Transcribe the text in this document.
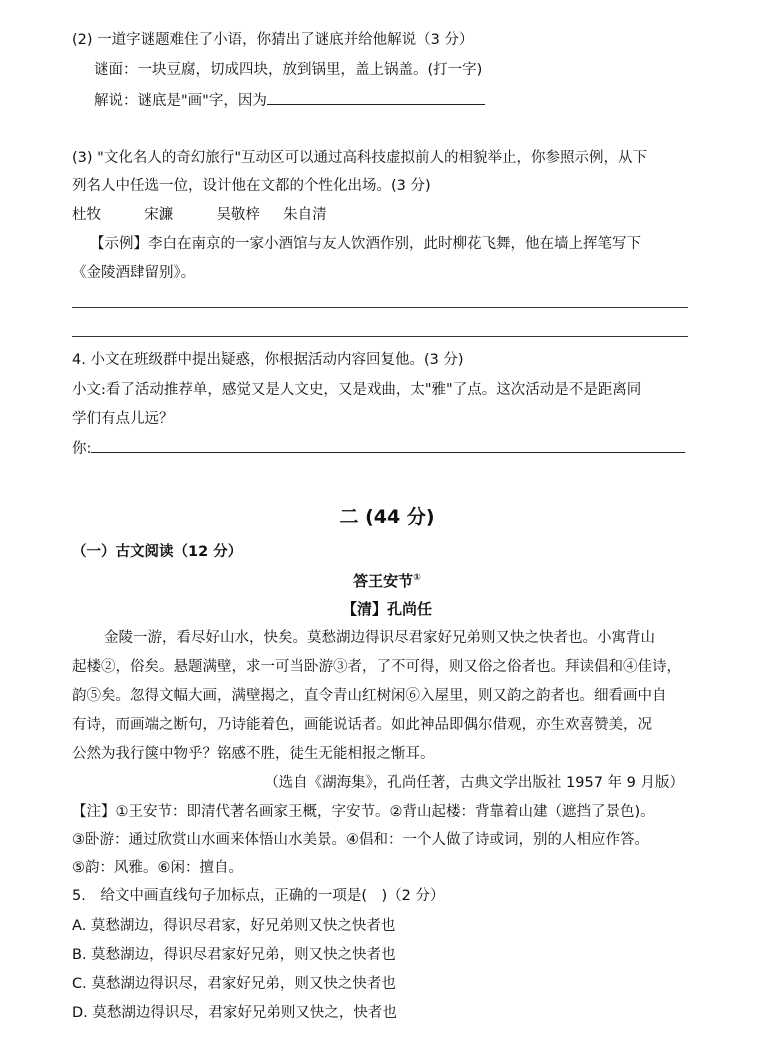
(2) 一道字谜题难住了小语，你猜出了谜底并给他解说（3 分）
谜面：一块豆腐，切成四块，放到锅里，盖上锅盖。(打一字)
解说：谜底是"画"字，因为
(3) "文化名人的奇幻旅行"互动区可以通过高科技虚拟前人的相貌举止，你参照示例，从下
列名人中任选一位，设计他在文都的个性化出场。(3 分)
杜牧	宋濂	吴敬梓 朱自清
【示例】李白在南京的一家小酒馆与友人饮酒作别，此时柳花飞舞，他在墙上挥笔写下
《金陵酒肆留别》。
4. 小文在班级群中提出疑惑，你根据活动内容回复他。(3 分)
小文:看了活动推荐单，感觉又是人文史，又是戏曲，太"雅"了点。这次活动是不是距离同
学们有点儿远？
你:
二 (44 分)
（一）古文阅读（12 分）
答王安节①
【清】孔尚任
金陵一游，看尽好山水，快矣。莫愁湖边得识尽君家好兄弟则又快之快者也。小寓背山
起楼②，俗矣。悬题满壁，求一可当卧游③者，了不可得，则又俗之俗者也。拜读倡和④佳诗，
韵⑤矣。忽得文幅大画，满壁揭之，直令青山红树闲⑥入屋里，则又韵之韵者也。细看画中自
有诗，而画端之断句，乃诗能着色，画能说话者。如此神品即偶尔借观，亦生欢喜赞美，况
公然为我行箧中物乎？铭感不胜，徒生无能相报之惭耳。
（选自《湖海集》，孔尚任著，古典文学出版社 1957 年 9 月版）
【注】①王安节：即清代著名画家王概，字安节。②背山起楼：背靠着山建（遮挡了景色)。
③卧游：通过欣赏山水画来体悟山水美景。④倡和：一个人做了诗或词，别的人相应作答。
⑤韵：风雅。⑥闲：擅自。
5.　给文中画直线句子加标点，正确的一项是(　)（2 分）
A. 莫愁湖边，得识尽君家，好兄弟则又快之快者也
B. 莫愁湖边，得识尽君家好兄弟，则又快之快者也
C. 莫愁湖边得识尽，君家好兄弟，则又快之快者也
D. 莫愁湖边得识尽，君家好兄弟则又快之，快者也
